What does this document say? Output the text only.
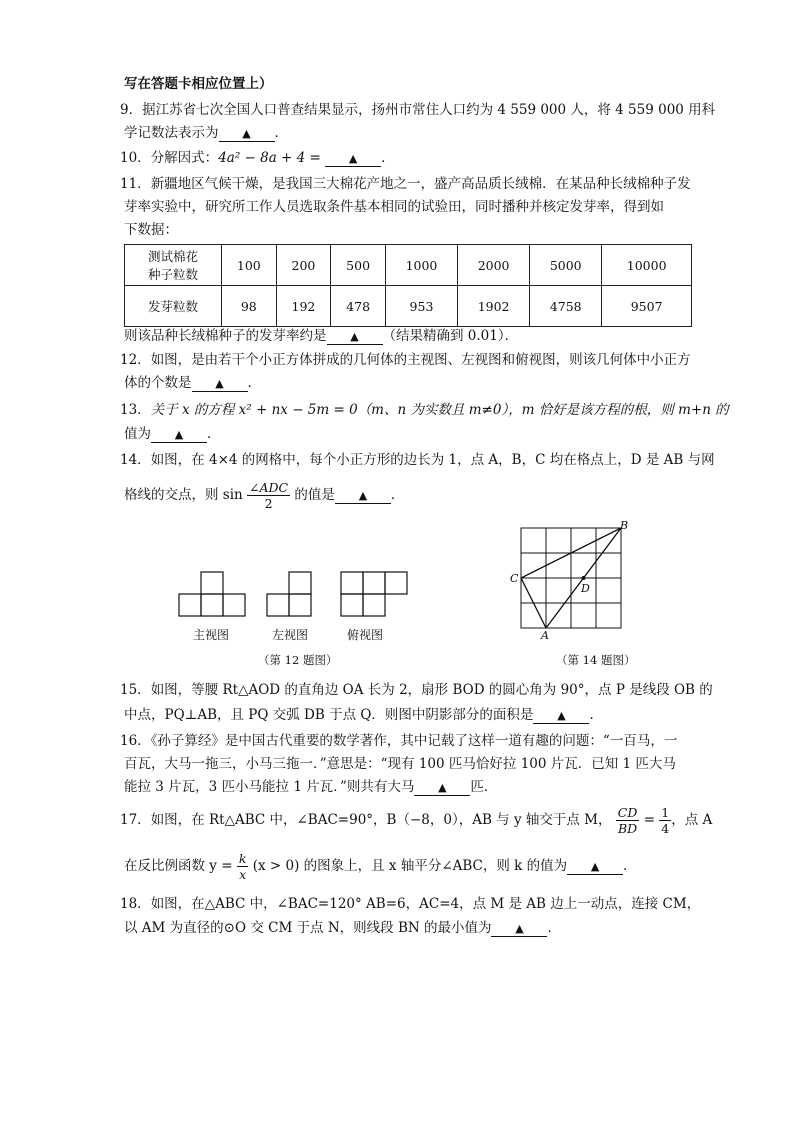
写在答题卡相应位置上）
9．据江苏省七次全国人口普查结果显示，扬州市常住人口约为 4 559 000 人，将 4 559 000 用科
学记数法表示为 ▲ ．
10．分解因式：4a² − 8a + 4 =	▲ ．
11．新疆地区气候干燥，是我国三大棉花产地之一，盛产高品质长绒棉．在某品种长绒棉种子发
芽率实验中，研究所工作人员选取条件基本相同的试验田，同时播种并核定发芽率，得到如
下数据：
测试棉花
种子粒数	100	200	500	1000	2000	5000	10000
发芽粒数	98	192	478	953	1902	4758	9507
则该品种长绒棉种子的发芽率约是 ▲ （结果精确到 0.01）．
12．如图，是由若干个小正方体拼成的几何体的主视图、左视图和俯视图，则该几何体中小正方
体的个数是 ▲ ．
13．关于 x 的方程 x² + nx − 5m = 0（m、n 为实数且 m≠0），m 恰好是该方程的根，则 m+n 的
值为 ▲ ．
14．如图，在 4×4 的网格中，每个小正方形的边长为 1，点 A，B，C 均在格点上，D 是 AB 与网
格线的交点，则 $\sin \frac{\text{∠ADC}}{2}$ 的值是 ▲ ．
主视图	左视图	俯视图
（第 12 题图）
B
C
D
A
（第 14 题图）
15．如图，等腰 Rt△AOD 的直角边 OA 长为 2，扇形 BOD 的圆心角为 90°，点 P 是线段 OB 的
中点，PQ⊥AB，且 PQ 交弧 DB 于点 Q．则图中阴影部分的面积是 ▲ ．
16．《孙子算经》是中国古代重要的数学著作，其中记载了这样一道有趣的问题：“一百马，一
百瓦，大马一拖三，小马三拖一．”意思是：“现有 100 匹马恰好拉 100 片瓦．已知 1 匹大马
能拉 3 片瓦，3 匹小马能拉 1 片瓦．”则共有大马 ▲ 匹．
17．如图，在 Rt△ABC 中，∠BAC=90°，B（−8，0），AB 与 y 轴交于点 M， $\frac{CD}{BD} = \frac{1}{4}$ ，点 A
在反比例函数 $y = \frac{k}{x} (x > 0)$ 的图象上，且 x 轴平分∠ABC，则 k 的值为 ▲ ．
18．如图，在△ABC 中，∠BAC=120° AB=6，AC=4，点 M 是 AB 边上一动点，连接 CM，
以 AM 为直径的⊙O 交 CM 于点 N，则线段 BN 的最小值为 ▲ ．
